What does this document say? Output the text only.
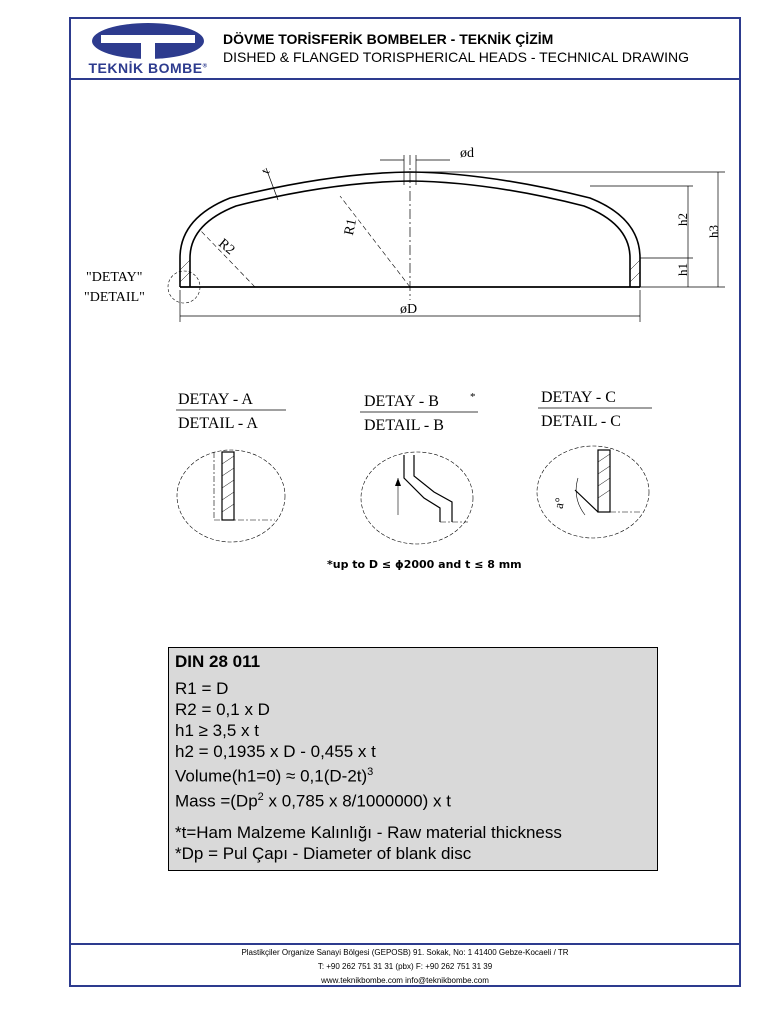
TEKNİK BOMBE®
DÖVME TORİSFERİK BOMBELER - TEKNİK ÇİZİM
DISHED & FLANGED TORISPHERICAL HEADS - TECHNICAL DRAWING
ød
øD
t
R1
R2
h1
h2
h3
"DETAY"
"DETAIL"
DETAY - A
DETAIL - A
DETAY - B	*
DETAIL - B
DETAY - C
DETAIL - C
a°
*up to D ≤ ϕ2000 and t ≤ 8 mm
DIN 28 011
R1 = D
R2 = 0,1 x D
h1 ≥ 3,5 x t
h2 = 0,1935 x D - 0,455 x t
Volume(h1=0) ≈ $0,1(D-2t)^3$
Mass $=(Dp^2$ x 0,785 x 8/1000000) x t
*t=Ham Malzeme Kalınlığı - Raw material thickness
*Dp = Pul Çapı - Diameter of blank disc
Plastikçiler Organize Sanayi Bölgesi (GEPOSB) 91. Sokak, No: 1 41400 Gebze-Kocaeli / TR
T: +90 262 751 31 31 (pbx) F: +90 262 751 31 39
www.teknikbombe.com info@teknikbombe.com
